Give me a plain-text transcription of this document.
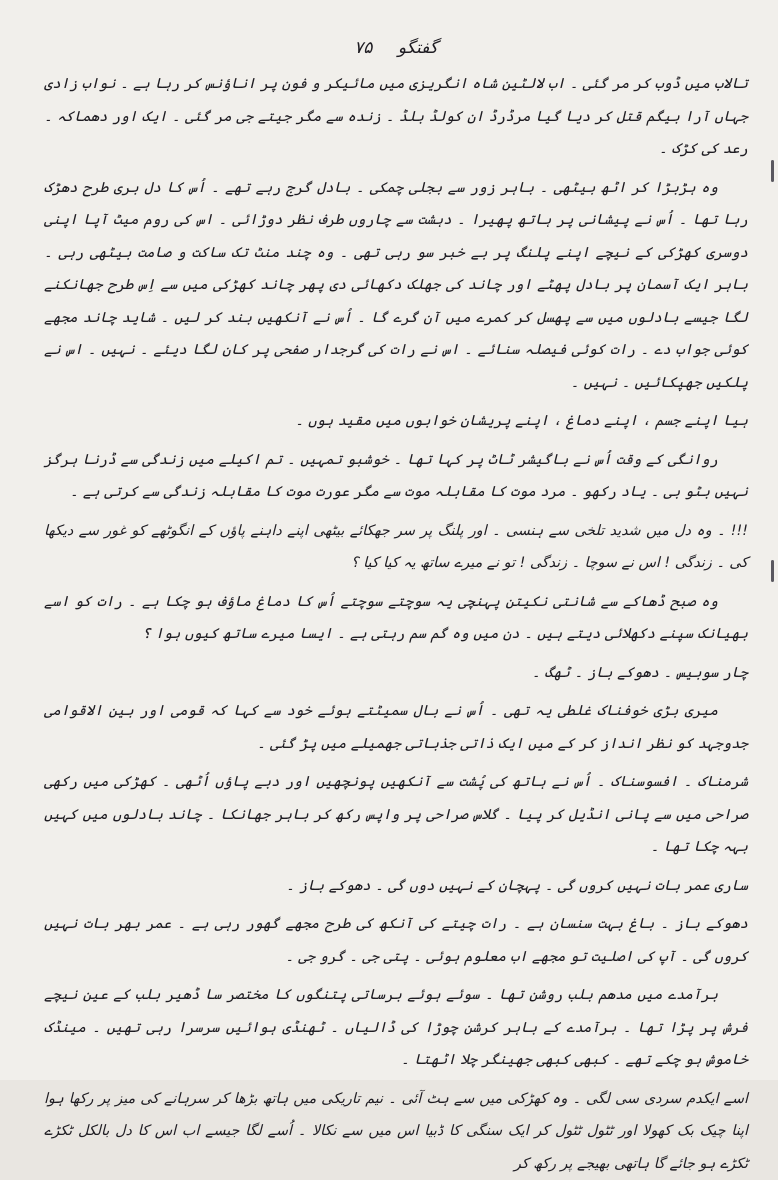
گفتگو ۷۵

تالاب میں ڈوب کر مر گئی ۔ اب لالٹین شاہ انگریزی میں مائیکر و فون پر اناؤنس کر رہا ہے ۔ نواب زادی جہاں آرا بیگم قتل کر دیا گیا مرڈرڈ ان کولڈ بلڈ ۔ زندہ سے مگر جیتے جی مر گئی ۔ ایک اور دھماکہ ۔ رعد کی کڑک ۔

وہ ہڑبڑا کر اٹھ بیٹھی ۔ باہر زور سے بجلی چمکی ۔ بادل گرج رہے تھے ۔ اُس کا دل بری طرح دھڑک رہا تھا ۔ اُس نے پیشانی پر ہاتھ پھیرا ۔ دہشت سے چاروں طرف نظر دوڑائی ۔ اس کی روم میٹ آپا اپنی دوسری کھڑکی کے نیچے اپنے پلنگ پر بے خبر سو رہی تھی ۔ وہ چند منٹ تک ساکت و صامت بیٹھی رہی ۔ باہر ایک آسمان پر بادل پھٹے اور چاند کی جھلک دکھائی دی پھر چاند کھڑکی میں سے اِس طرح جھانکنے لگا جیسے بادلوں میں سے پھسل کر کمرے میں آن گرے گا ۔ اُس نے آنکھیں بند کر لیں ۔ شاید چاند مجھے کوئی جواب دے ۔ رات کوئی فیصلہ سنائے ۔ اس نے رات کی گرجدار صفحی پر کان لگا دیئے ۔ نہیں ۔ اس نے پلکیں جھپکائیں ۔ نہیں ۔

ہیا اپنے جسم ، اپنے دماغ ، اپنے پریشان خوابوں میں مقید ہوں ۔

روانگی کے وقت اُس نے باگیشر ٹاٹ پر کہا تھا ۔ خوشبو تمہیں ۔ تم اکیلے میں زندگی سے ڈرنا ہرگز نہیں بٹو بی ۔ یاد رکھو ۔ مرد موت کا مقابلہ موت سے مگر عورت موت کا مقابلہ زندگی سے کرتی ہے ۔

!!! ۔ وہ دل میں شدید تلخی سے ہنسی ۔ اور پلنگ پر سر جھکائے بیٹھی اپنے داہنے پاؤں کے انگوٹھے کو غور سے دیکھا کی ۔ زندگی ! اس نے سوچا ۔ زندگی ! تو نے میرے ساتھ یہ کیا کیا ؟

وہ صبح ڈھاکے سے شانتی نکیتن پہنچی یہ سوچتے سوچتے اُس کا دماغ ماؤف ہو چکا ہے ۔ رات کو اسے بھیانک سپنے دکھلائی دیتے ہیں ۔ دن میں وہ گم سم رہتی ہے ۔ ایسا میرے ساتھ کیوں ہوا ؟

چار سوبیس ۔ دھوکے باز ۔ ٹھگ ۔

میری بڑی خوفناک غلطی یہ تھی ۔ اُس نے بال سمیٹتے ہوئے خود سے کہا کہ قومی اور بین الاقوامی جدوجہد کو نظر انداز کر کے میں ایک ذاتی جذباتی جھمیلے میں پڑ گئی ۔

شرمناک ۔ افسوسناک ۔ اُس نے ہاتھ کی پُشت سے آنکھیں پونچھیں اور دبے پاؤں اُٹھی ۔ کھڑکی میں رکھی صراحی میں سے پانی انڈیل کر پیا ۔ گلاس صراحی پر واپس رکھ کر باہر جھانکا ۔ چاند بادلوں میں کہیں بہہ چکا تھا ۔

ساری عمر بات نہیں کروں گی ۔ پہچان کے نہیں دوں گی ۔ دھوکے باز ۔

دھوکے باز ۔ باغ بہت سنسان ہے ۔ رات چیتے کی آنکھ کی طرح مجھے گھور رہی ہے ۔ عمر بھر بات نہیں کروں گی ۔ آپ کی اصلیت تو مجھے اب معلوم ہوئی ۔ پتی جی ۔ گرو جی ۔

برآمدے میں مدھم بلب روشن تھا ۔ سوئے ہوئے برساتی پتنگوں کا مختصر سا ڈھیر بلب کے عین نیچے فرش پر پڑا تھا ۔ برآمدے کے باہر کرشن چوڑا کی ڈالیاں ۔ ٹھنڈی ہوائیں سرسرا رہی تھیں ۔ مینڈک خاموش ہو چکے تھے ۔ کبھی کبھی جھینگر چلا اٹھتا ۔

اسے ایکدم سردی سی لگی ۔ وہ کھڑکی میں سے ہٹ آئی ۔ نیم تاریکی میں ہاتھ بڑھا کر سرہانے کی میز پر رکھا ہوا اپنا چیک بک کھولا اور ٹٹول ٹٹول کر ایک سنگی کا ڈبیا اس میں سے نکالا ۔ اُسے لگا جیسے اب اس کا دل بالکل ٹکڑے ٹکڑے ہو جائے گا ہاتھی بھیجے پر رکھ کر
